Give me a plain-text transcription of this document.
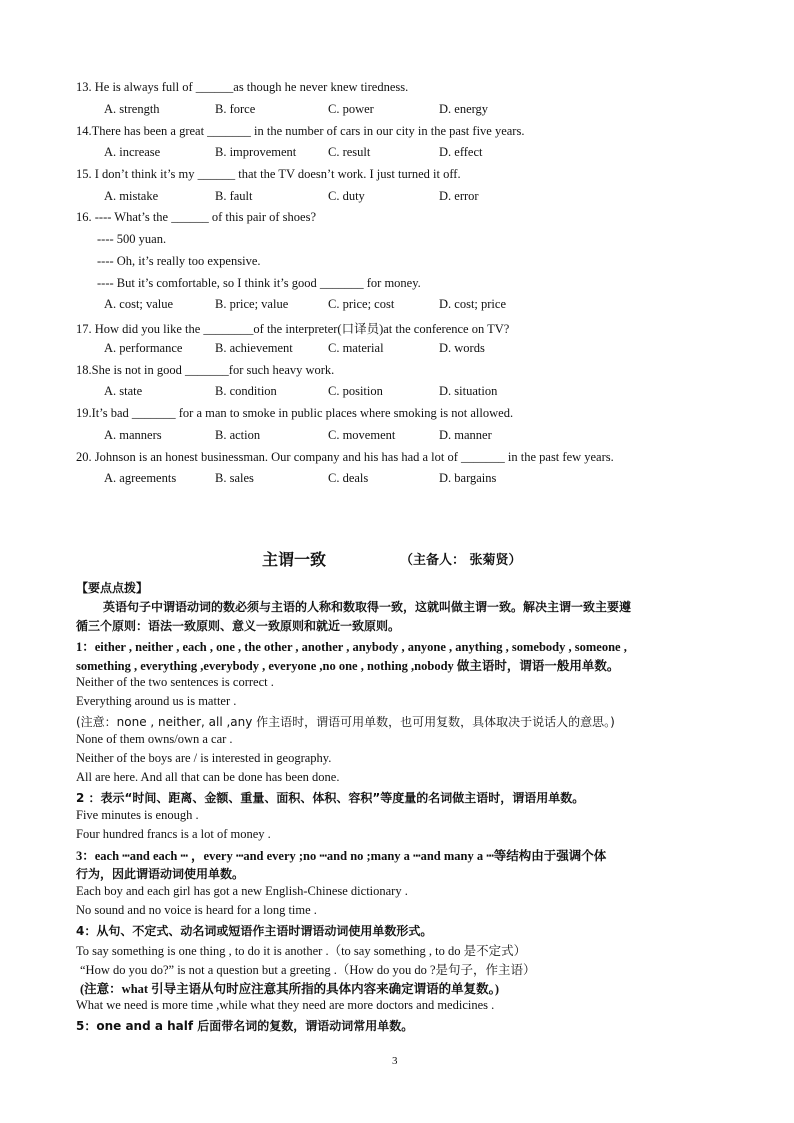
13. He is always full of ______as though he never knew tiredness.
A. strength	B. force	C. power	D. energy
14.There has been a great _______ in the number of cars in our city in the past five years.
A. increase	B. improvement	C. result	D. effect
15. I don’t think it’s my ______ that the TV doesn’t work. I just turned it off.
A. mistake	B. fault	C. duty	D. error
16. ---- What’s the ______ of this pair of shoes?
---- 500 yuan.
---- Oh, it’s really too expensive.
---- But it’s comfortable, so I think it’s good _______ for money.
A. cost; value	B. price; value	C. price; cost	D. cost; price
17. How did you like the ________of the interpreter(口译员)at the conference on TV?
A. performance	B. achievement	C. material	D. words
18.She is not in good _______for such heavy work.
A. state	B. condition	C. position	D. situation
19.It’s bad _______ for a man to smoke in public places where smoking is not allowed.
A. manners	B. action	C. movement	D. manner
20. Johnson is an honest businessman. Our company and his has had a lot of _______ in the past few years.
A. agreements	B. sales	C. deals	D. bargains
主谓一致	（主备人： 张菊贤）
【要点点拨】
英语句子中谓语动词的数必须与主语的人称和数取得一致，这就叫做主谓一致。解决主谓一致主要遵
循三个原则：语法一致原则、意义一致原则和就近一致原则。
1：either , neither , each , one , the other , another , anybody , anyone , anything , somebody , someone ,
something , everything ,everybody , everyone ,no one , nothing ,nobody 做主语时，谓语一般用单数。
Neither of the two sentences is correct .
Everything around us is matter .
(注意：none , neither, all ,any 作主语时，谓语可用单数，也可用复数，具体取决于说话人的意思。)
None of them owns/own a car .
Neither of the boys are / is interested in geography.
All are here. And all that can be done has been done.
2 ：表示“时间、距离、金额、重量、面积、体积、容积”等度量的名词做主语时，谓语用单数。
Five minutes is enough .
Four hundred francs is a lot of money .
3：each ┅and each ┅ ，every ┅and every ;no ┅and no ;many a ┅and many a ┅等结构由于强调个体
行为，因此谓语动词使用单数。
Each boy and each girl has got a new English-Chinese dictionary .
No sound and no voice is heard for a long time .
4：从句、不定式、动名词或短语作主语时谓语动词使用单数形式。
To say something is one thing , to do it is another .（to say something , to do 是不定式）
“How do you do?” is not a question but a greeting .（How do you do ?是句子，作主语）
(注意：what 引导主语从句时应注意其所指的具体内容来确定谓语的单复数。)
What we need is more time ,while what they need are more doctors and medicines .
5：one and a half 后面带名词的复数，谓语动词常用单数。
3
